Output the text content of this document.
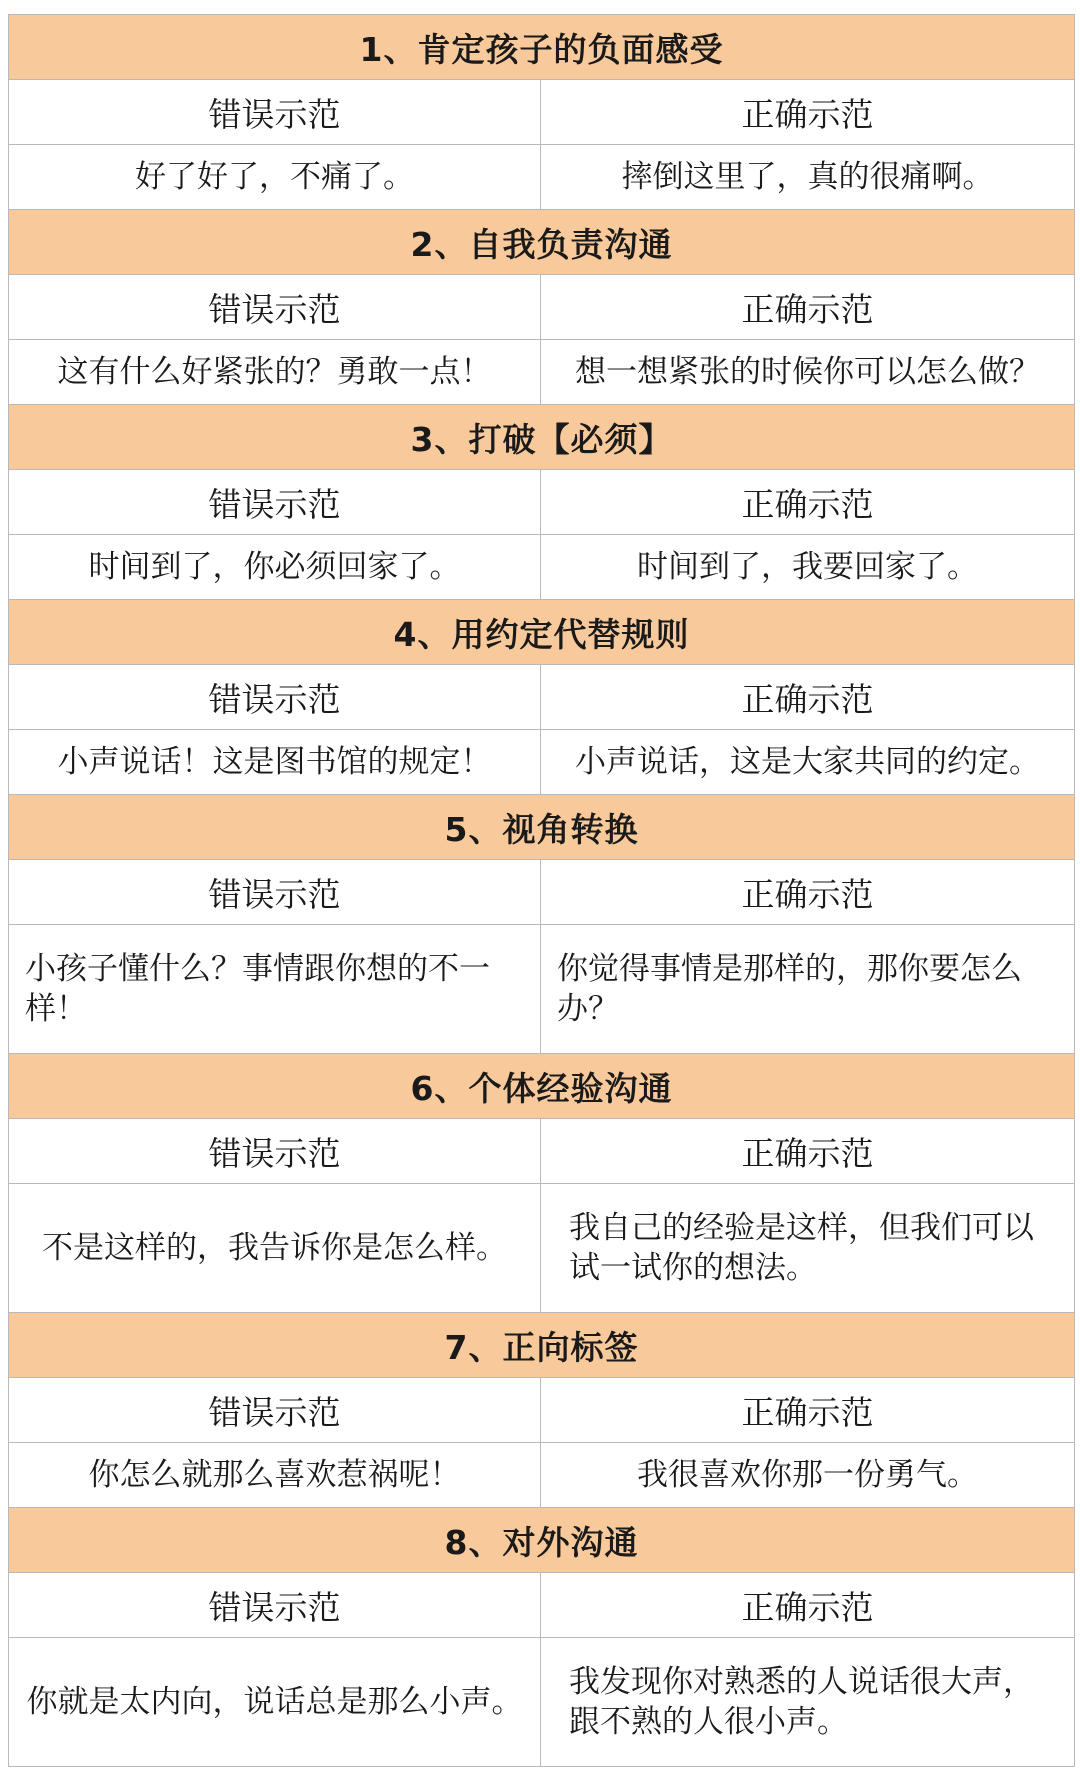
1、肯定孩子的负面感受	
错误示范	正确示范
好了好了，不痛了。	摔倒这里了，真的很痛啊。
2、自我负责沟通	
错误示范	正确示范
这有什么好紧张的？勇敢一点！	想一想紧张的时候你可以怎么做？
3、打破【必须】	
错误示范	正确示范
时间到了，你必须回家了。	时间到了，我要回家了。
4、用约定代替规则	
错误示范	正确示范
小声说话！这是图书馆的规定！	小声说话，这是大家共同的约定。
5、视角转换	
错误示范	正确示范
小孩子懂什么？事情跟你想的不一样！	你觉得事情是那样的，那你要怎么办？
6、个体经验沟通	
错误示范	正确示范
不是这样的，我告诉你是怎么样。	我自己的经验是这样，但我们可以试一试你的想法。
7、正向标签	
错误示范	正确示范
你怎么就那么喜欢惹祸呢！	我很喜欢你那一份勇气。
8、对外沟通	
错误示范	正确示范
你就是太内向，说话总是那么小声。	我发现你对熟悉的人说话很大声，跟不熟的人很小声。
